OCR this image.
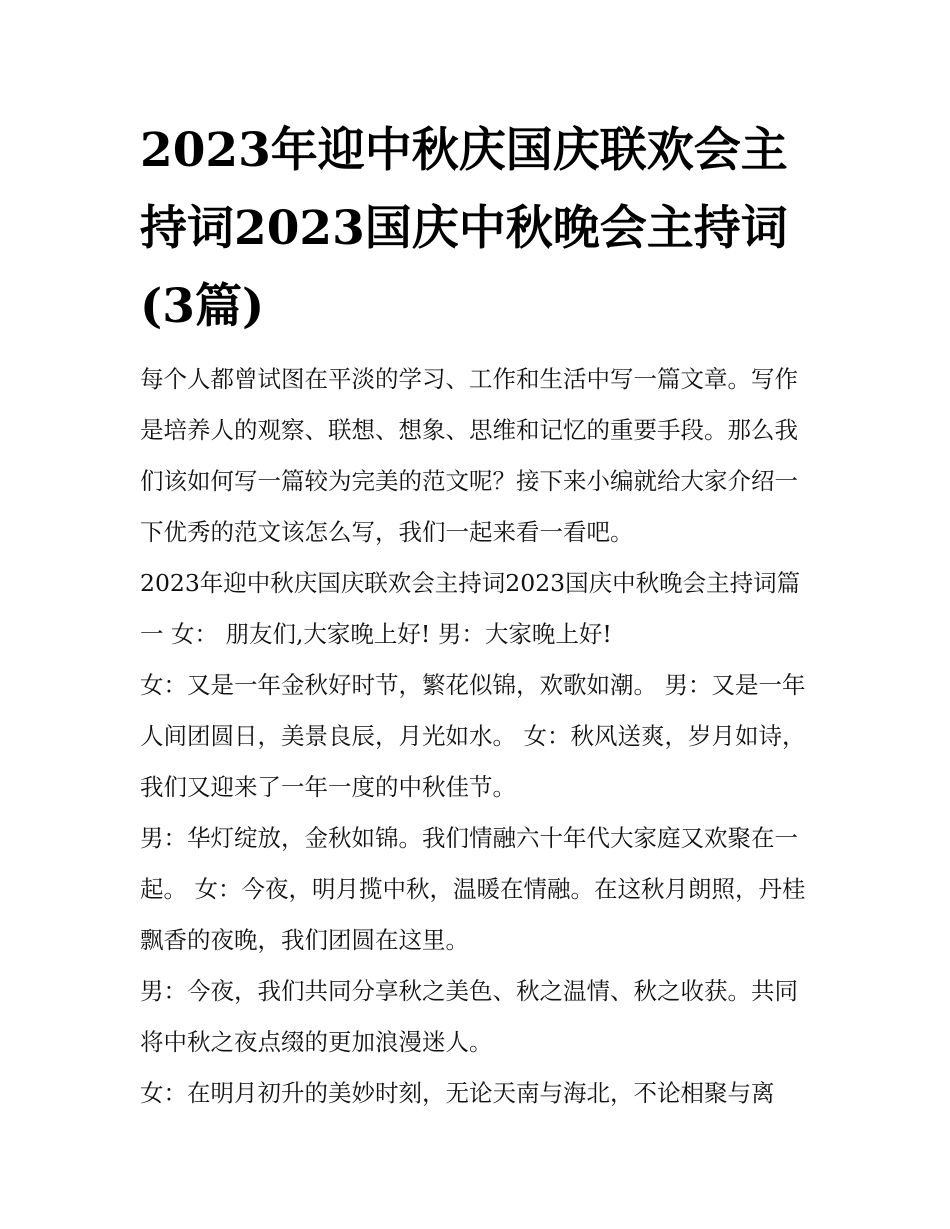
2023年迎中秋庆国庆联欢会主持词2023国庆中秋晚会主持词(3篇)

每个人都曾试图在平淡的学习、工作和生活中写一篇文章。写作是培养人的观察、联想、想象、思维和记忆的重要手段。那么我们该如何写一篇较为完美的范文呢？接下来小编就给大家介绍一下优秀的范文该怎么写，我们一起来看一看吧。

2023年迎中秋庆国庆联欢会主持词2023国庆中秋晚会主持词篇一 女： 朋友们,大家晚上好! 男：大家晚上好!

女：又是一年金秋好时节，繁花似锦，欢歌如潮。 男：又是一年人间团圆日，美景良辰，月光如水。 女：秋风送爽，岁月如诗，我们又迎来了一年一度的中秋佳节。

男：华灯绽放，金秋如锦。我们情融六十年代大家庭又欢聚在一起。 女：今夜，明月揽中秋，温暖在情融。在这秋月朗照，丹桂飘香的夜晚，我们团圆在这里。

男：今夜，我们共同分享秋之美色、秋之温情、秋之收获。共同将中秋之夜点缀的更加浪漫迷人。

女：在明月初升的美妙时刻，无论天南与海北，不论相聚与离
